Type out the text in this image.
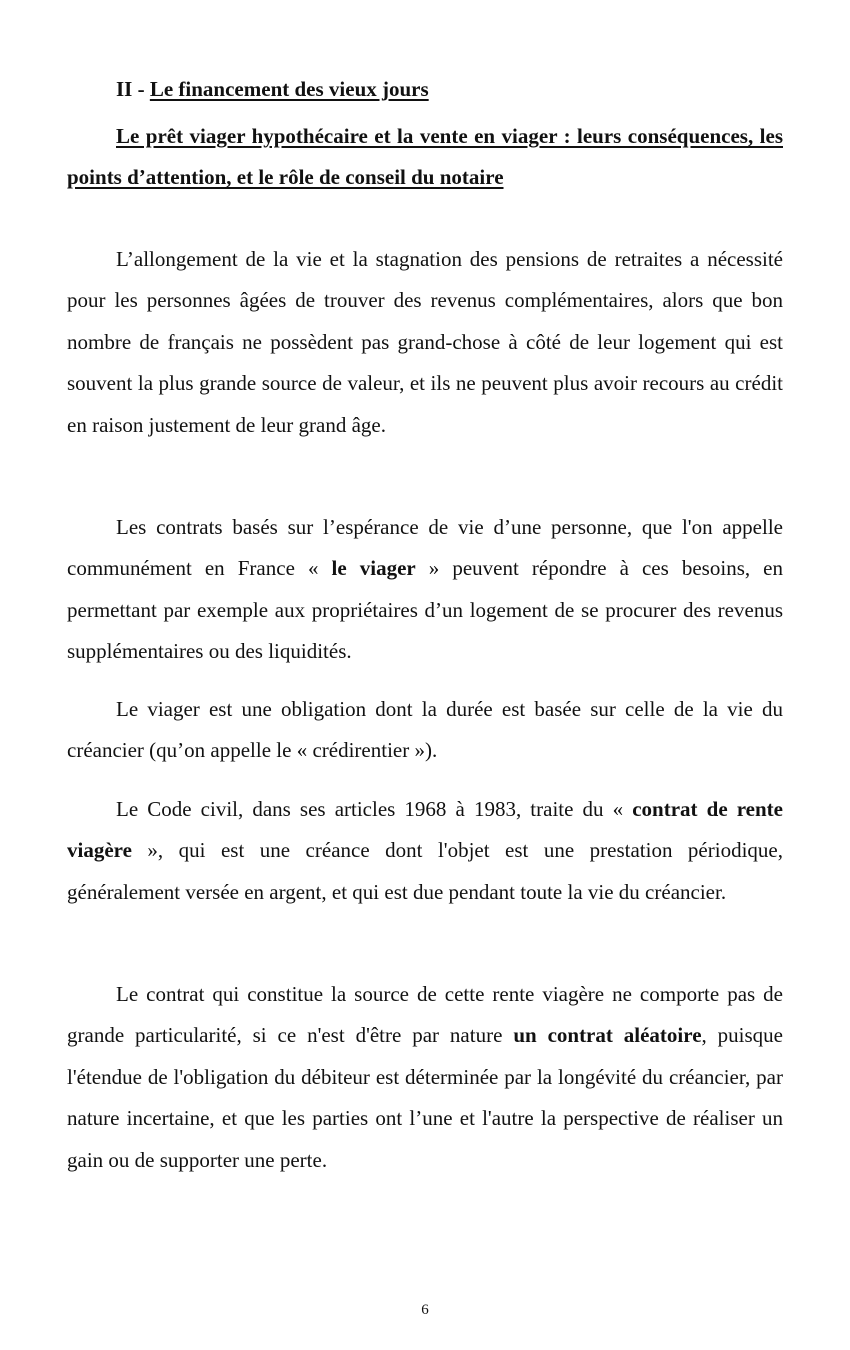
II - Le financement des vieux jours
Le prêt viager hypothécaire et la vente en viager : leurs conséquences, les points d’attention, et le rôle de conseil du notaire

L’allongement de la vie et la stagnation des pensions de retraites a nécessité pour les personnes âgées de trouver des revenus complémentaires, alors que bon nombre de français ne possèdent pas grand-chose à côté de leur logement qui est souvent la plus grande source de valeur, et ils ne peuvent plus avoir recours au crédit en raison justement de leur grand âge.

Les contrats basés sur l’espérance de vie d’une personne, que l'on appelle communément en France « le viager » peuvent répondre à ces besoins, en permettant par exemple aux propriétaires d’un logement de se procurer des revenus supplémentaires ou des liquidités.

Le viager est une obligation dont la durée est basée sur celle de la vie du créancier (qu’on appelle le « crédirentier »).

Le Code civil, dans ses articles 1968 à 1983, traite du « contrat de rente viagère », qui est une créance dont l'objet est une prestation périodique, généralement versée en argent, et qui est due pendant toute la vie du créancier.

Le contrat qui constitue la source de cette rente viagère ne comporte pas de grande particularité, si ce n'est d'être par nature un contrat aléatoire, puisque l'étendue de l'obligation du débiteur est déterminée par la longévité du créancier, par nature incertaine, et que les parties ont l’une et l'autre la perspective de réaliser un gain ou de supporter une perte.

6
